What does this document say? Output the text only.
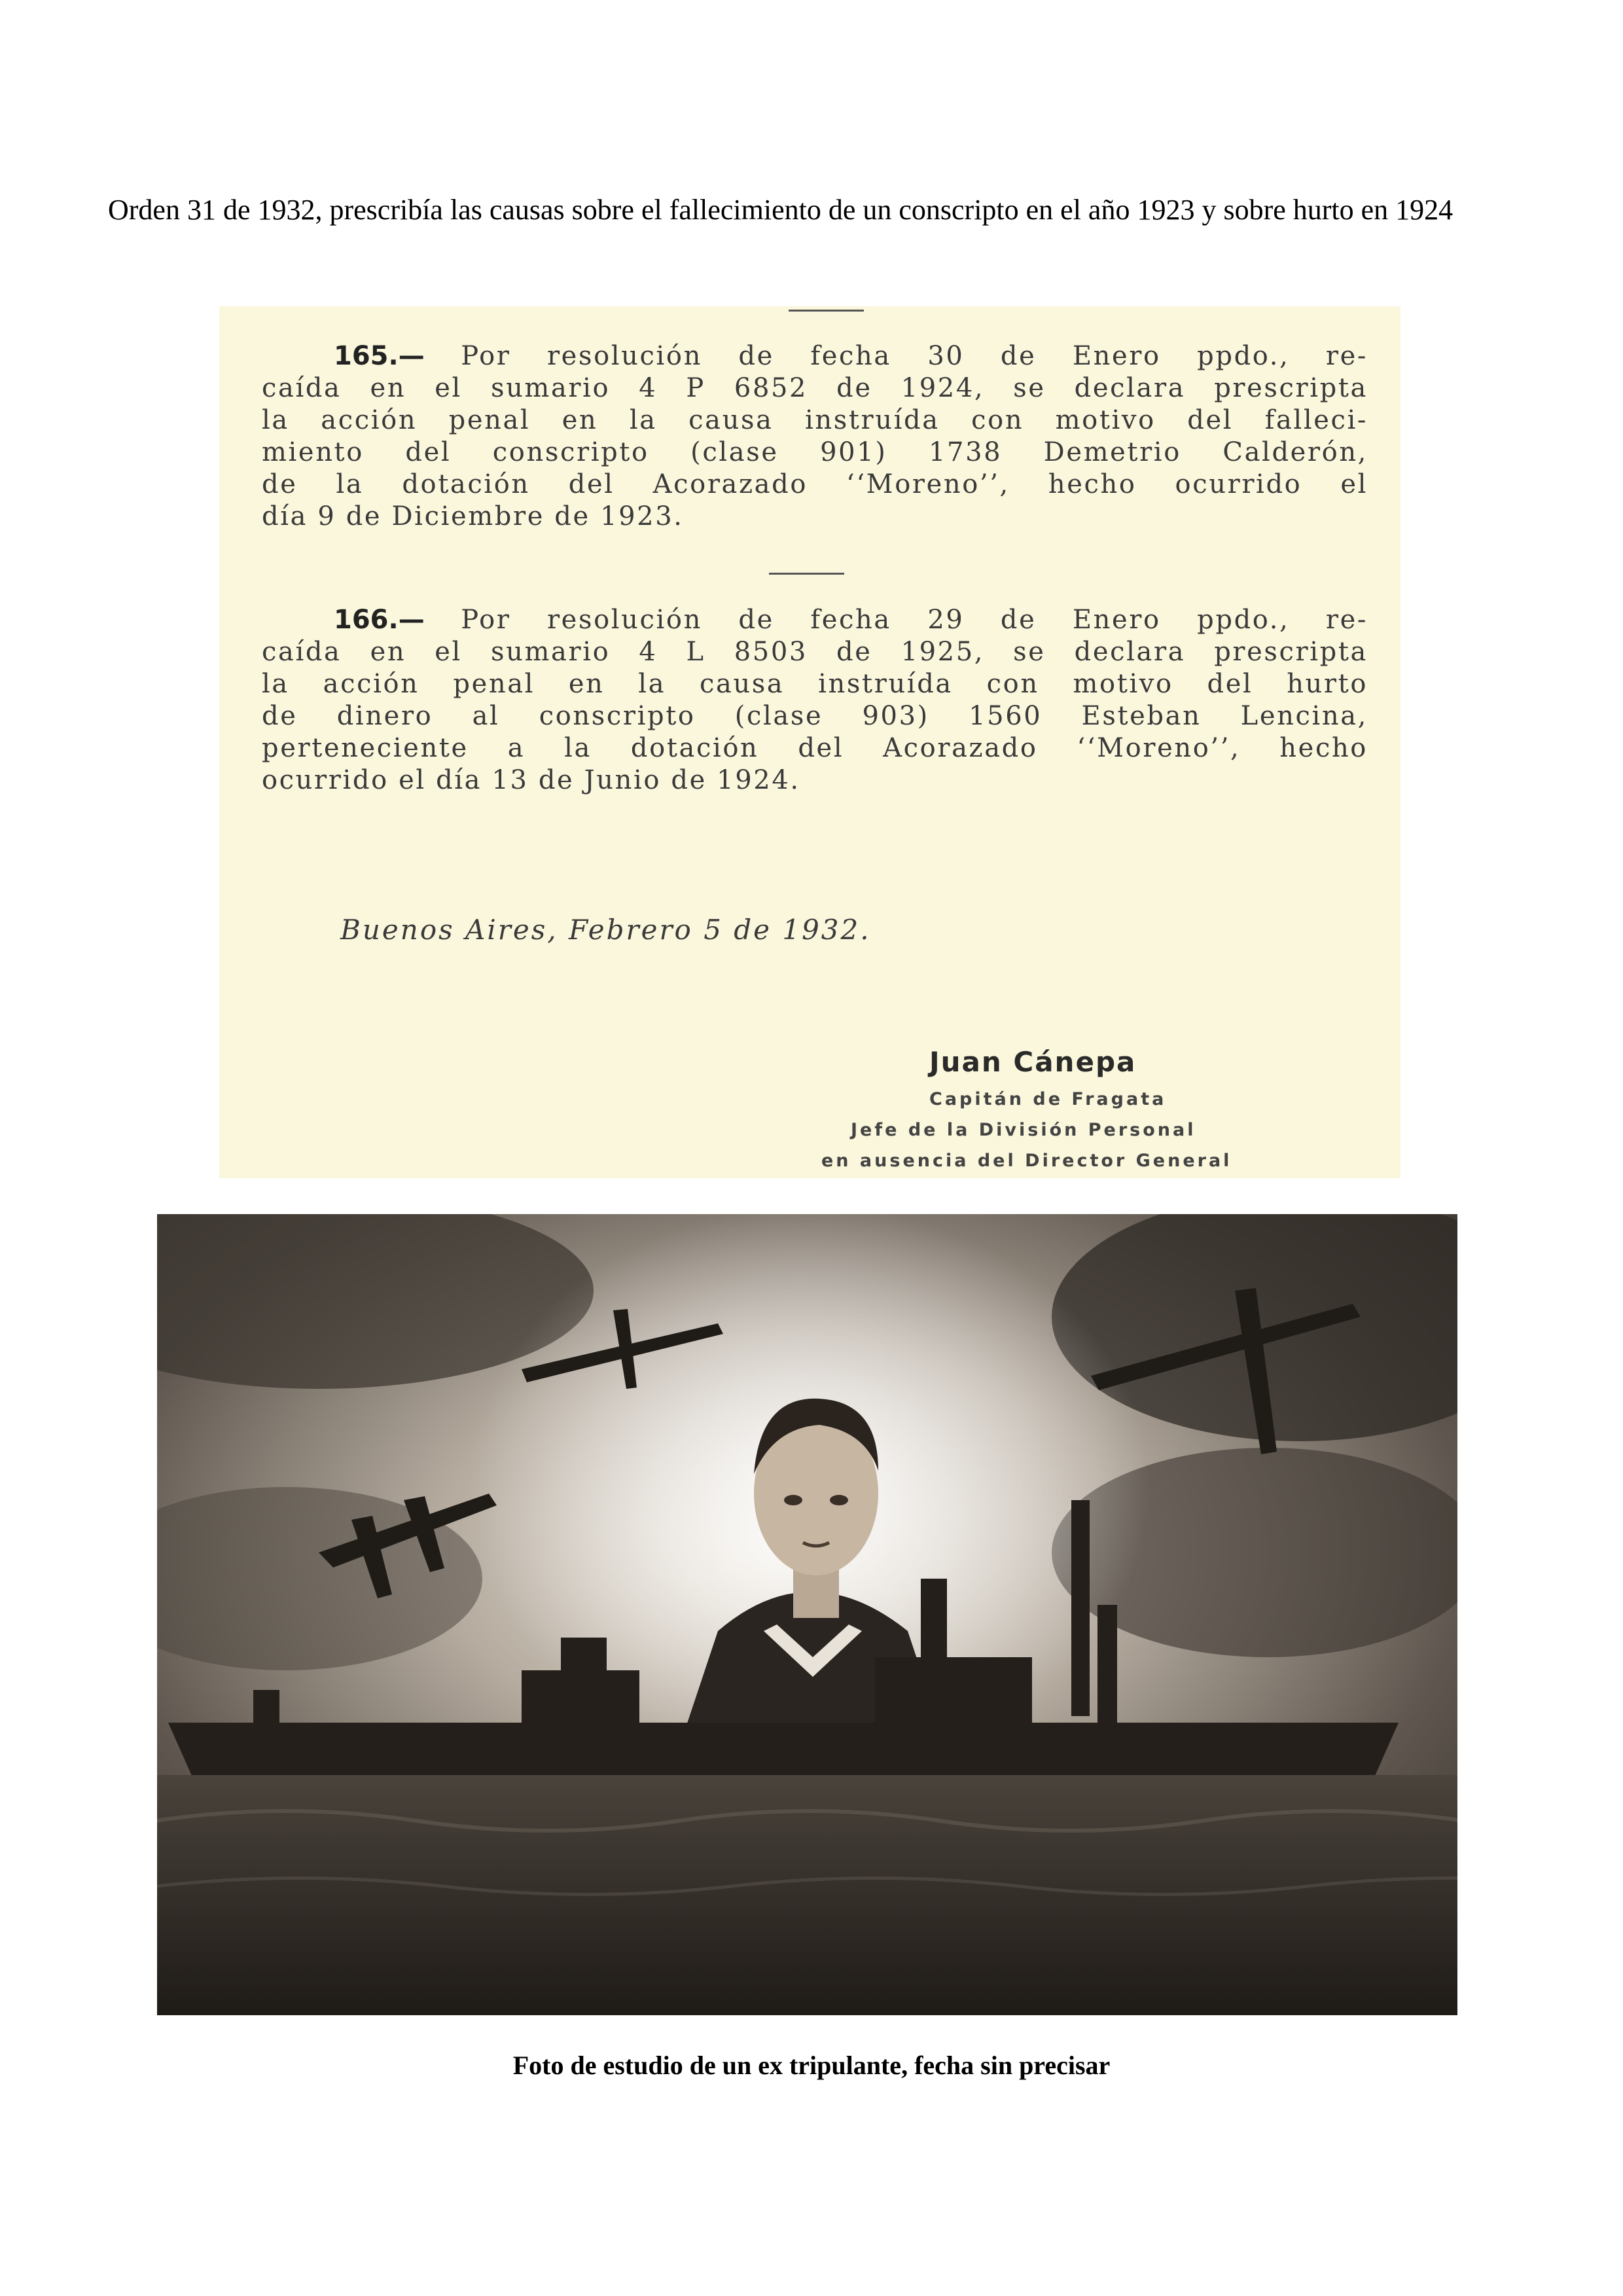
Orden 31 de 1932, prescribía las causas sobre el fallecimiento de un conscripto en el año 1923 y sobre hurto en 1924

165.— Por resolución de fecha 30 de Enero ppdo., re-
caída en el sumario 4 P 6852 de 1924, se declara prescripta
la acción penal en la causa instruída con motivo del falleci-
miento del conscripto (clase 901) 1738 Demetrio Calderón,
de la dotación del Acorazado ‘‘Moreno’’, hecho ocurrido el
día 9 de Diciembre de 1923.
166.— Por resolución de fecha 29 de Enero ppdo., re-
caída en el sumario 4 L 8503 de 1925, se declara prescripta
la acción penal en la causa instruída con motivo del hurto
de dinero al conscripto (clase 903) 1560 Esteban Lencina,
perteneciente a la dotación del Acorazado ‘‘Moreno’’, hecho
ocurrido el día 13 de Junio de 1924.
Buenos Aires, Febrero 5 de 1932.
Juan Cánepa
Capitán de Fragata
Jefe de la División Personal
en ausencia del Director General
Foto de estudio de un ex tripulante, fecha sin precisar
